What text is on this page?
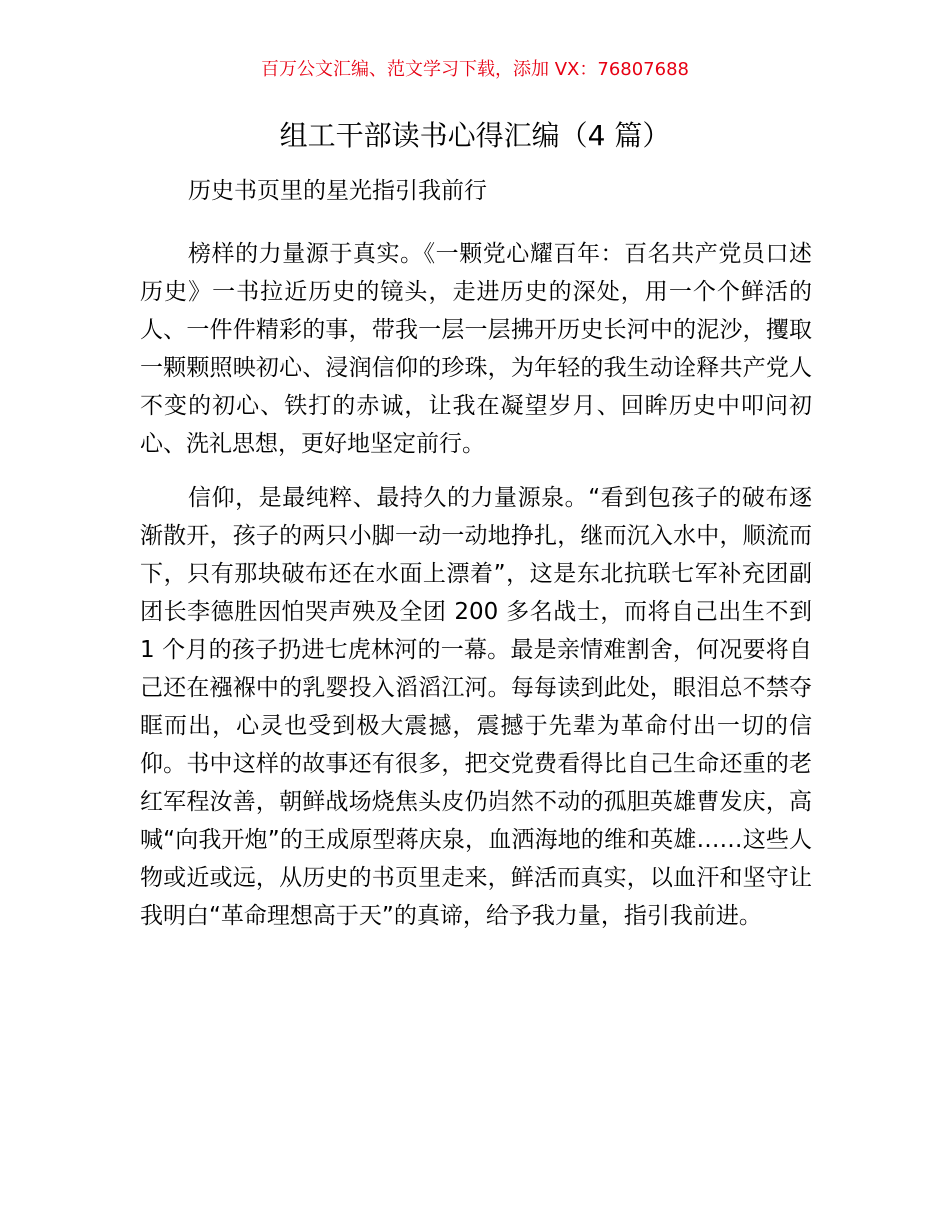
百万公文汇编、范文学习下载，添加 VX：76807688
组工干部读书心得汇编（4 篇）

历史书页里的星光指引我前行

榜样的力量源于真实。《一颗党心耀百年：百名共产党员口述历史》一书拉近历史的镜头，走进历史的深处，用一个个鲜活的人、一件件精彩的事，带我一层一层拂开历史长河中的泥沙，攫取一颗颗照映初心、浸润信仰的珍珠，为年轻的我生动诠释共产党人不变的初心、铁打的赤诚，让我在凝望岁月、回眸历史中叩问初心、洗礼思想，更好地坚定前行。

信仰，是最纯粹、最持久的力量源泉。“看到包孩子的破布逐渐散开，孩子的两只小脚一动一动地挣扎，继而沉入水中，顺流而下，只有那块破布还在水面上漂着”，这是东北抗联七军补充团副团长李德胜因怕哭声殃及全团 200 多名战士，而将自己出生不到 1 个月的孩子扔进七虎林河的一幕。最是亲情难割舍，何况要将自己还在襁褓中的乳婴投入滔滔江河。每每读到此处，眼泪总不禁夺眶而出，心灵也受到极大震撼，震撼于先辈为革命付出一切的信仰。书中这样的故事还有很多，把交党费看得比自己生命还重的老红军程汝善，朝鲜战场烧焦头皮仍岿然不动的孤胆英雄曹发庆，高喊“向我开炮”的王成原型蒋庆泉，血洒海地的维和英雄……这些人物或近或远，从历史的书页里走来，鲜活而真实，以血汗和坚守让我明白“革命理想高于天”的真谛，给予我力量，指引我前进。
